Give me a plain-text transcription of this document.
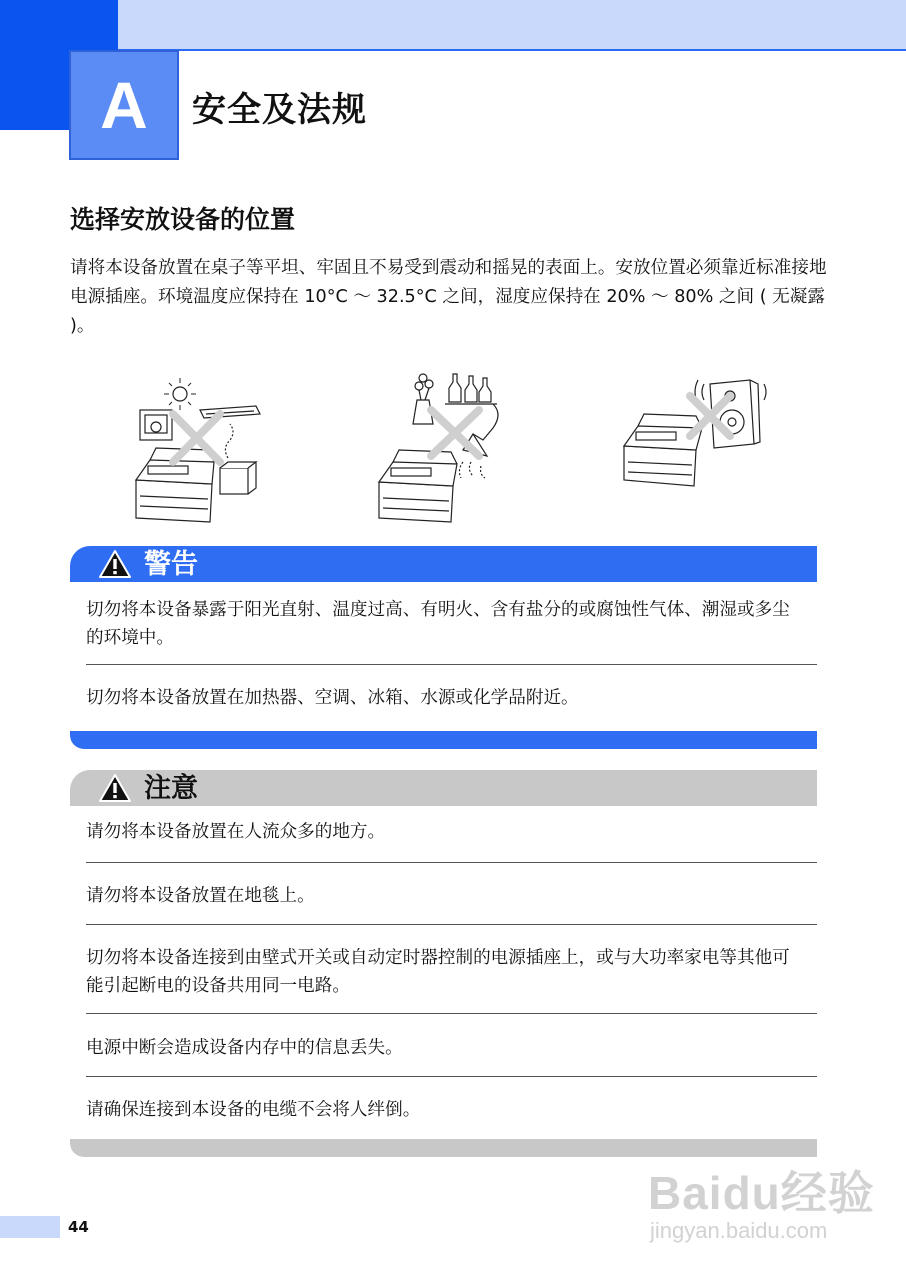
A 安全及法规
选择安放设备的位置
请将本设备放置在桌子等平坦、牢固且不易受到震动和摇晃的表面上。安放位置必须靠近标准接地电源插座。环境温度应保持在 10°C ～ 32.5°C 之间，湿度应保持在 20% ～ 80% 之间 ( 无凝露 )。
警告
切勿将本设备暴露于阳光直射、温度过高、有明火、含有盐分的或腐蚀性气体、潮湿或多尘的环境中。
切勿将本设备放置在加热器、空调、冰箱、水源或化学品附近。
注意
请勿将本设备放置在人流众多的地方。
请勿将本设备放置在地毯上。
切勿将本设备连接到由壁式开关或自动定时器控制的电源插座上，或与大功率家电等其他可能引起断电的设备共用同一电路。
电源中断会造成设备内存中的信息丢失。
请确保连接到本设备的电缆不会将人绊倒。
44
Baidu经验
jingyan.baidu.com
